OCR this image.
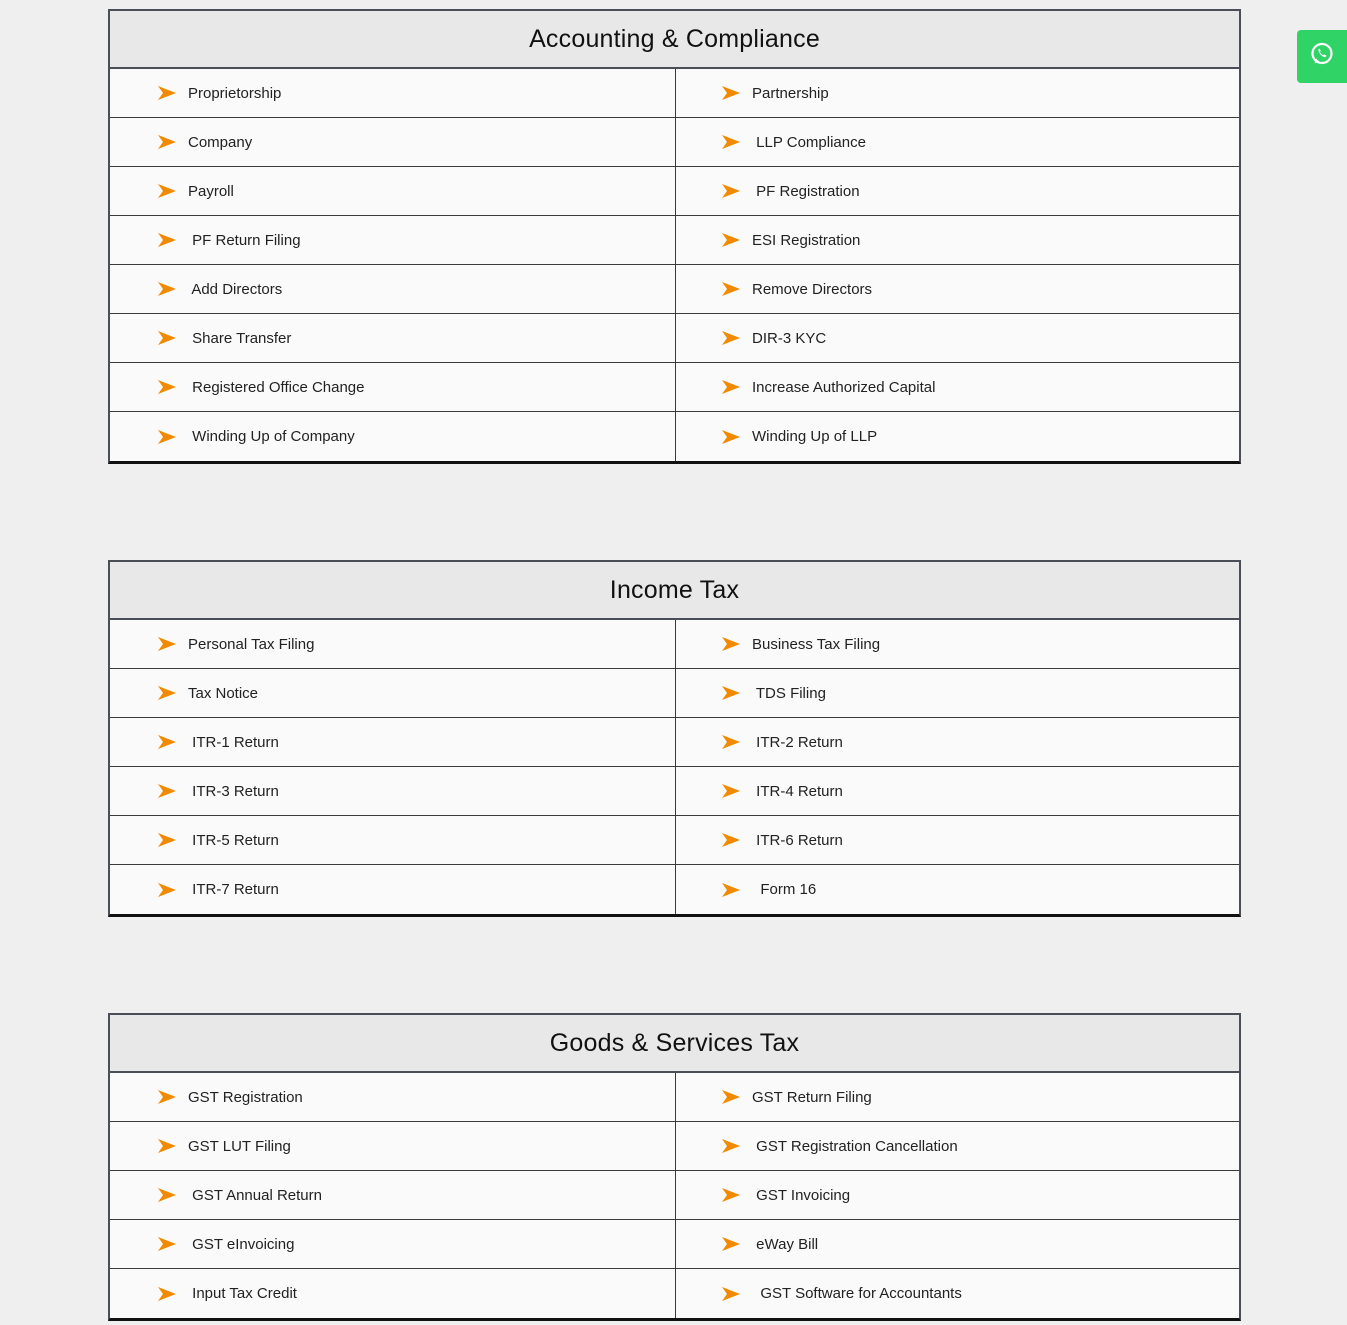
Accounting & Compliance
Proprietorship	Partnership
Company	LLP Compliance
Payroll	PF Registration
PF Return Filing	ESI Registration
Add Directors	Remove Directors
Share Transfer	DIR-3 KYC
Registered Office Change	Increase Authorized Capital
Winding Up of Company	Winding Up of LLP
Income Tax
Personal Tax Filing	Business Tax Filing
Tax Notice	TDS Filing
ITR-1 Return	ITR-2 Return
ITR-3 Return	ITR-4 Return
ITR-5 Return	ITR-6 Return
ITR-7 Return	Form 16
Goods & Services Tax
GST Registration	GST Return Filing
GST LUT Filing	GST Registration Cancellation
GST Annual Return	GST Invoicing
GST eInvoicing	eWay Bill
Input Tax Credit	GST Software for Accountants
